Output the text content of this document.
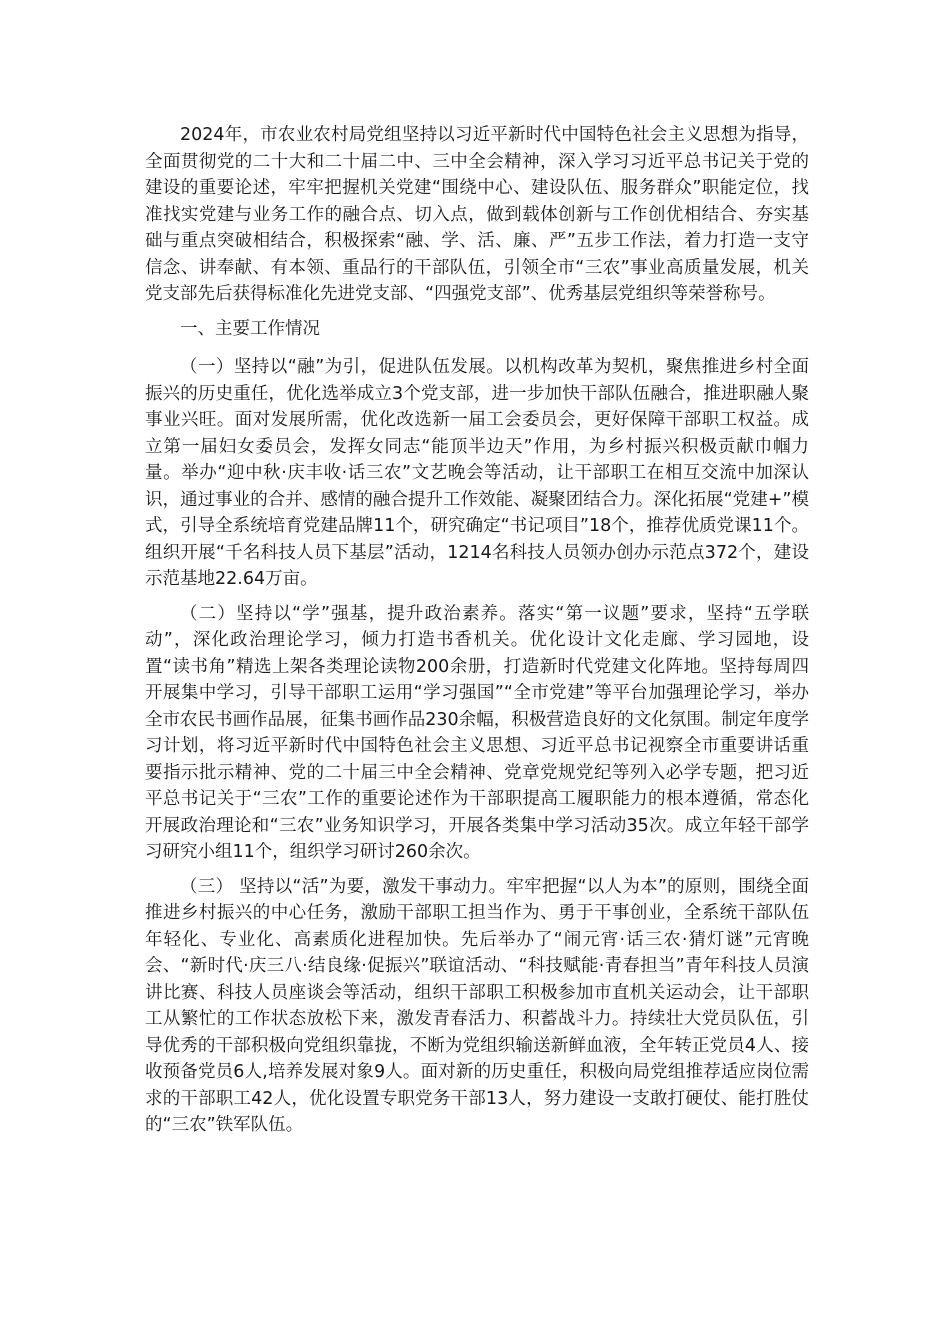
2024年，市农业农村局党组坚持以习近平新时代中国特色社会主义思想为指导，全面贯彻党的二十大和二十届二中、三中全会精神，深入学习习近平总书记关于党的建设的重要论述，牢牢把握机关党建“围绕中心、建设队伍、服务群众”职能定位，找准找实党建与业务工作的融合点、切入点，做到载体创新与工作创优相结合、夯实基础与重点突破相结合，积极探索“融、学、活、廉、严”五步工作法，着力打造一支守信念、讲奉献、有本领、重品行的干部队伍，引领全市“三农”事业高质量发展，机关党支部先后获得标准化先进党支部、“四强党支部”、优秀基层党组织等荣誉称号。

一、主要工作情况

（一）坚持以“融”为引，促进队伍发展。以机构改革为契机，聚焦推进乡村全面振兴的历史重任，优化选举成立3个党支部，进一步加快干部队伍融合，推进职融人聚事业兴旺。面对发展所需，优化改选新一届工会委员会，更好保障干部职工权益。成立第一届妇女委员会，发挥女同志“能顶半边天”作用，为乡村振兴积极贡献巾帼力量。举办“迎中秋·庆丰收·话三农”文艺晚会等活动，让干部职工在相互交流中加深认识，通过事业的合并、感情的融合提升工作效能、凝聚团结合力。深化拓展“党建+”模式，引导全系统培育党建品牌11个，研究确定“书记项目”18个，推荐优质党课11个。组织开展“千名科技人员下基层”活动，1214名科技人员领办创办示范点372个，建设示范基地22.64万亩。

（二）坚持以“学”强基，提升政治素养。落实“第一议题”要求，坚持“五学联动”，深化政治理论学习，倾力打造书香机关。优化设计文化走廊、学习园地，设置“读书角”精选上架各类理论读物200余册，打造新时代党建文化阵地。坚持每周四开展集中学习，引导干部职工运用“学习强国”“全市党建”等平台加强理论学习，举办全市农民书画作品展，征集书画作品230余幅，积极营造良好的文化氛围。制定年度学习计划，将习近平新时代中国特色社会主义思想、习近平总书记视察全市重要讲话重要指示批示精神、党的二十届三中全会精神、党章党规党纪等列入必学专题，把习近平总书记关于“三农”工作的重要论述作为干部职提高工履职能力的根本遵循，常态化开展政治理论和“三农”业务知识学习，开展各类集中学习活动35次。成立年轻干部学习研究小组11个，组织学习研讨260余次。

（三） 坚持以“活”为要，激发干事动力。牢牢把握“以人为本”的原则，围绕全面推进乡村振兴的中心任务，激励干部职工担当作为、勇于干事创业，全系统干部队伍年轻化、专业化、高素质化进程加快。先后举办了“闹元宵·话三农·猜灯谜”元宵晚会、“新时代·庆三八·结良缘·促振兴”联谊活动、“科技赋能·青春担当”青年科技人员演讲比赛、科技人员座谈会等活动，组织干部职工积极参加市直机关运动会，让干部职工从繁忙的工作状态放松下来，激发青春活力、积蓄战斗力。持续壮大党员队伍，引导优秀的干部积极向党组织靠拢，不断为党组织输送新鲜血液，全年转正党员4人、接收预备党员6人,培养发展对象9人。面对新的历史重任，积极向局党组推荐适应岗位需求的干部职工42人，优化设置专职党务干部13人，努力建设一支敢打硬仗、能打胜仗的“三农”铁军队伍。
